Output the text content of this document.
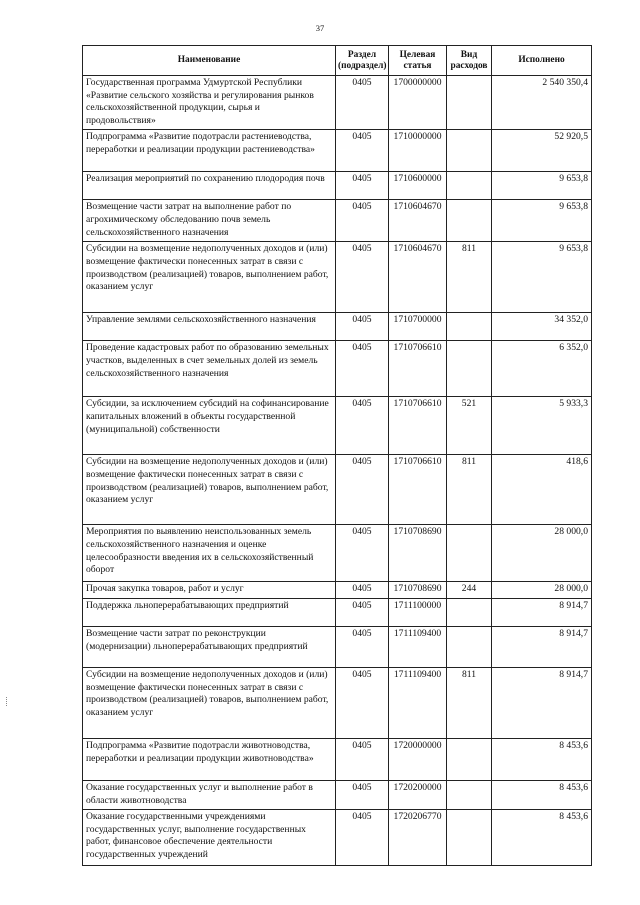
37
Наименование	Раздел (подраздел)	Целевая статья	Вид расходов	Исполнено
Государственная программа Удмуртской Республики «Развитие сельского хозяйства и регулирования рынков сельскохозяйственной продукции, сырья и продовольствия»	0405	1700000000		2 540 350,4
Подпрограмма «Развитие подотрасли растениеводства, переработки и реализации продукции растениеводства»	0405	1710000000		52 920,5
Реализация мероприятий по сохранению плодородия почв	0405	1710600000		9 653,8
Возмещение части затрат на выполнение работ по агрохимическому обследованию почв земель сельскохозяйственного назначения	0405	1710604670		9 653,8
Субсидии на возмещение недополученных доходов и (или) возмещение фактически понесенных затрат в связи с производством (реализацией) товаров, выполнением работ, оказанием услуг	0405	1710604670	811	9 653,8
Управление землями сельскохозяйственного назначения	0405	1710700000		34 352,0
Проведение кадастровых работ по образованию земельных участков, выделенных в счет земельных долей из земель сельскохозяйственного назначения	0405	1710706610		6 352,0
Субсидии, за исключением субсидий на софинансирование капитальных вложений в объекты государственной (муниципальной) собственности	0405	1710706610	521	5 933,3
Субсидии на возмещение недополученных доходов и (или) возмещение фактически понесенных затрат в связи с производством (реализацией) товаров, выполнением работ, оказанием услуг	0405	1710706610	811	418,6
Мероприятия по выявлению неиспользованных земель сельскохозяйственного назначения и оценке целесообразности введения их в сельскохозяйственный оборот	0405	1710708690		28 000,0
Прочая закупка товаров, работ и услуг	0405	1710708690	244	28 000,0
Поддержка льноперерабатывающих предприятий	0405	1711100000		8 914,7
Возмещение части затрат по реконструкции (модернизации) льноперерабатывающих предприятий	0405	1711109400		8 914,7
Субсидии на возмещение недополученных доходов и (или) возмещение фактически понесенных затрат в связи с производством (реализацией) товаров, выполнением работ, оказанием услуг	0405	1711109400	811	8 914,7
Подпрограмма «Развитие подотрасли животноводства, переработки и реализации продукции животноводства»	0405	1720000000		8 453,6
Оказание государственных услуг и выполнение работ в области животноводства	0405	1720200000		8 453,6
Оказание государственными учреждениями государственных услуг, выполнение государственных работ, финансовое обеспечение деятельности государственных учреждений	0405	1720206770		8 453,6
